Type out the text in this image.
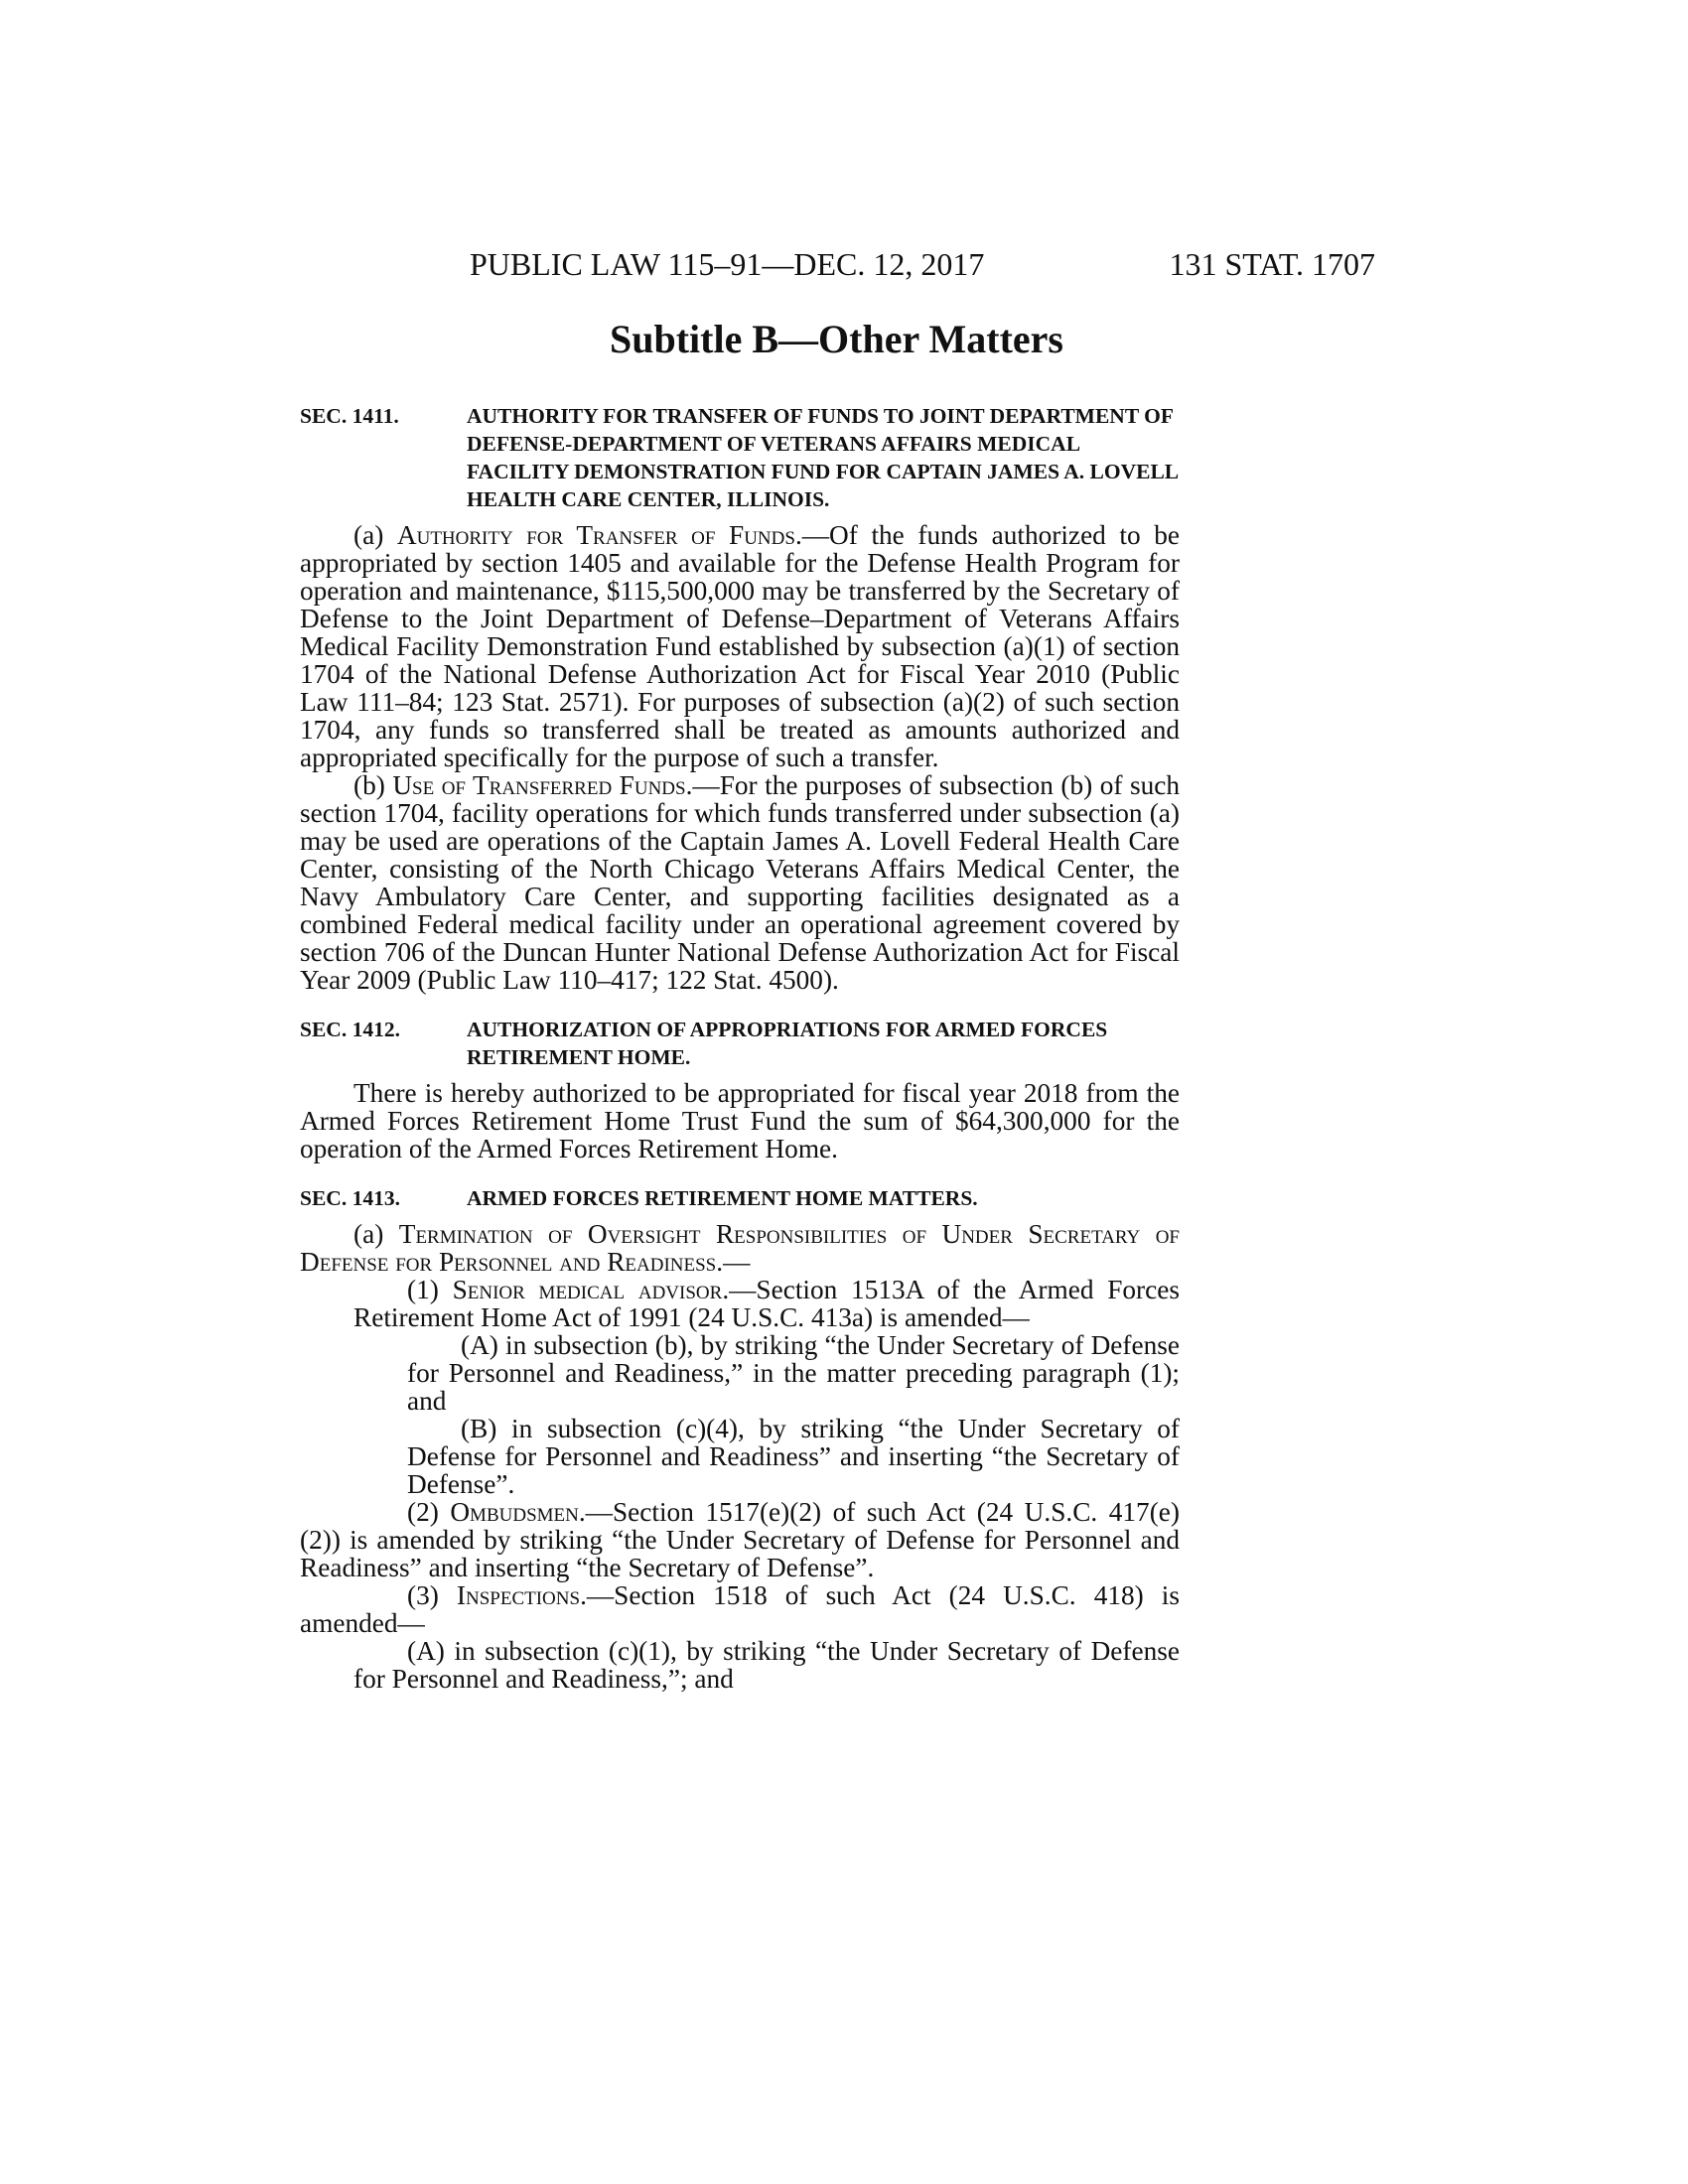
PUBLIC LAW 115–91—DEC. 12, 2017	131 STAT. 1707
Subtitle B—Other Matters
SEC. 1411.	AUTHORITY FOR TRANSFER OF FUNDS TO JOINT DEPARTMENT OF DEFENSE-DEPARTMENT OF VETERANS AFFAIRS MEDICAL FACILITY DEMONSTRATION FUND FOR CAPTAIN JAMES A. LOVELL HEALTH CARE CENTER, ILLINOIS.

(a) Authority for Transfer of Funds.—Of the funds authorized to be appropriated by section 1405 and available for the Defense Health Program for operation and maintenance, $115,500,000 may be transferred by the Secretary of Defense to the Joint Department of Defense–Department of Veterans Affairs Medical Facility Demonstration Fund established by subsection (a)(1) of section 1704 of the National Defense Authorization Act for Fiscal Year 2010 (Public Law 111–84; 123 Stat. 2571). For purposes of subsection (a)(2) of such section 1704, any funds so transferred shall be treated as amounts authorized and appropriated specifically for the purpose of such a transfer.

(b) Use of Transferred Funds.—For the purposes of subsection (b) of such section 1704, facility operations for which funds transferred under subsection (a) may be used are operations of the Captain James A. Lovell Federal Health Care Center, consisting of the North Chicago Veterans Affairs Medical Center, the Navy Ambulatory Care Center, and supporting facilities designated as a combined Federal medical facility under an operational agreement covered by section 706 of the Duncan Hunter National Defense Authorization Act for Fiscal Year 2009 (Public Law 110–417; 122 Stat. 4500).

SEC. 1412.	AUTHORIZATION OF APPROPRIATIONS FOR ARMED FORCES RETIREMENT HOME.

There is hereby authorized to be appropriated for fiscal year 2018 from the Armed Forces Retirement Home Trust Fund the sum of $64,300,000 for the operation of the Armed Forces Retirement Home.

SEC. 1413.	ARMED FORCES RETIREMENT HOME MATTERS.

(a) Termination of Oversight Responsibilities of Under Secretary of Defense for Personnel and Readiness.—

(1) Senior medical advisor.—Section 1513A of the Armed Forces Retirement Home Act of 1991 (24 U.S.C. 413a) is amended—

(A) in subsection (b), by striking “the Under Secretary of Defense for Personnel and Readiness,” in the matter preceding paragraph (1); and

(B) in subsection (c)(4), by striking “the Under Secretary of Defense for Personnel and Readiness” and inserting “the Secretary of Defense”.

(2) Ombudsmen.—Section 1517(e)(2) of such Act (24 U.S.C. 417(e)(2)) is amended by striking “the Under Secretary of Defense for Personnel and Readiness” and inserting “the Secretary of Defense”.

(3) Inspections.—Section 1518 of such Act (24 U.S.C. 418) is amended—

(A) in subsection (c)(1), by striking “the Under Secretary of Defense for Personnel and Readiness,”; and
